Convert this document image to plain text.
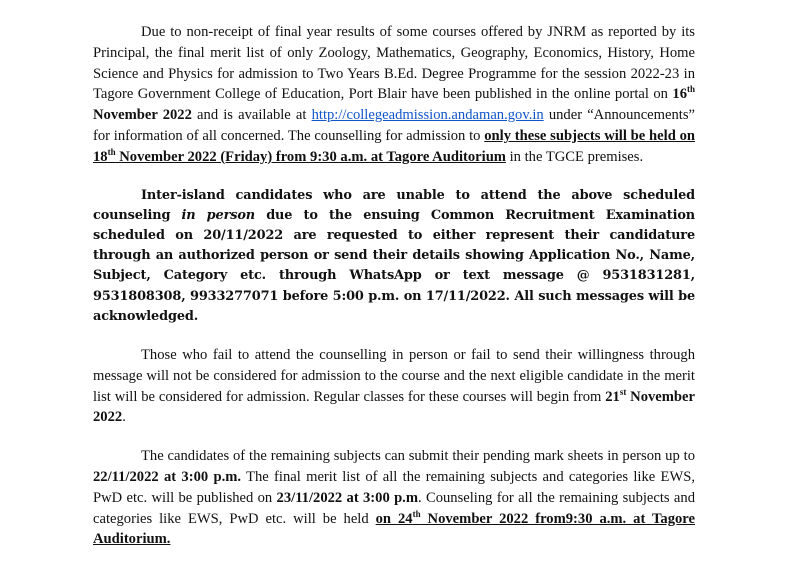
Due to non-receipt of final year results of some courses offered by JNRM as reported by its Principal, the final merit list of only Zoology, Mathematics, Geography, Economics, History, Home Science and Physics for admission to Two Years B.Ed. Degree Programme for the session 2022-23 in Tagore Government College of Education, Port Blair have been published in the online portal on 16th November 2022 and is available at http://collegeadmission.andaman.gov.in under “Announcements” for information of all concerned. The counselling for admission to only these subjects will be held on 18th November 2022 (Friday) from 9:30 a.m. at Tagore Auditorium in the TGCE premises.

Inter-island candidates who are unable to attend the above scheduled counseling in person due to the ensuing Common Recruitment Examination scheduled on 20/11/2022 are requested to either represent their candidature through an authorized person or send their details showing Application No., Name, Subject, Category etc. through WhatsApp or text message @ 9531831281, 9531808308, 9933277071 before 5:00 p.m. on 17/11/2022. All such messages will be acknowledged.

Those who fail to attend the counselling in person or fail to send their willingness through message will not be considered for admission to the course and the next eligible candidate in the merit list will be considered for admission. Regular classes for these courses will begin from 21st November 2022.

The candidates of the remaining subjects can submit their pending mark sheets in person up to 22/11/2022 at 3:00 p.m. The final merit list of all the remaining subjects and categories like EWS, PwD etc. will be published on 23/11/2022 at 3:00 p.m. Counseling for all the remaining subjects and categories like EWS, PwD etc. will be held on 24th November 2022 from9:30 a.m. at Tagore Auditorium.
